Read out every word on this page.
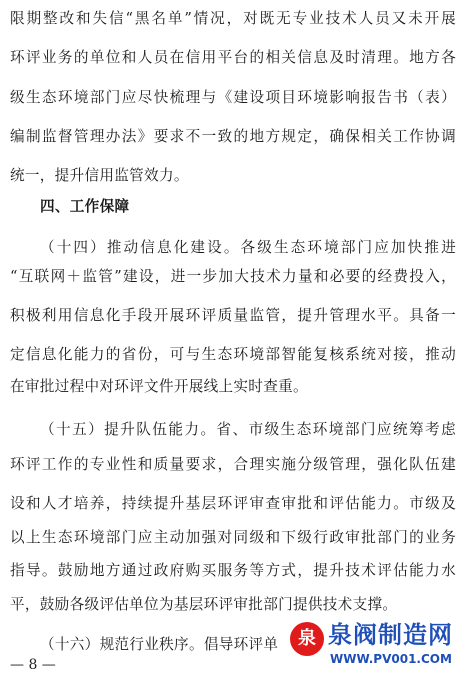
限期整改和失信“黑名单”情况，对既无专业技术人员又未开展
环评业务的单位和人员在信用平台的相关信息及时清理。地方各
级生态环境部门应尽快梳理与《建设项目环境影响报告书（表）
编制监督管理办法》要求不一致的地方规定，确保相关工作协调
统一，提升信用监管效力。
四、工作保障
（十四）推动信息化建设。各级生态环境部门应加快推进
“互联网＋监管”建设，进一步加大技术力量和必要的经费投入，
积极利用信息化手段开展环评质量监管，提升管理水平。具备一
定信息化能力的省份，可与生态环境部智能复核系统对接，推动
在审批过程中对环评文件开展线上实时查重。
（十五）提升队伍能力。省、市级生态环境部门应统筹考虑
环评工作的专业性和质量要求，合理实施分级管理，强化队伍建
设和人才培养，持续提升基层环评审查审批和评估能力。市级及
以上生态环境部门应主动加强对同级和下级行政审批部门的业务
指导。鼓励地方通过政府购买服务等方式，提升技术评估能力水
平，鼓励各级评估单位为基层环评审批部门提供技术支撑。
（十六）规范行业秩序。倡导环评单
— 8 —
泉 泉阀制造网
WWW.PV001.COM
